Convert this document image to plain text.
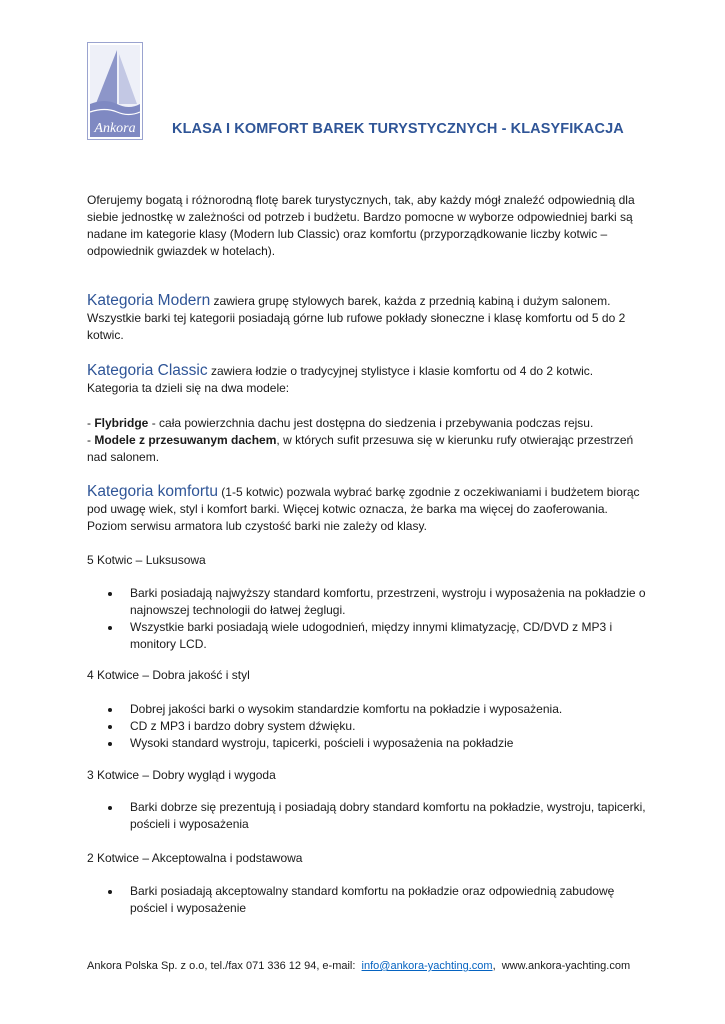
Ankora	KLASA I KOMFORT BAREK TURYSTYCZNYCH - KLASYFIKACJA

Oferujemy bogatą i różnorodną flotę barek turystycznych, tak, aby każdy mógł znaleźć odpowiednią dla siebie jednostkę w zależności od potrzeb i budżetu. Bardzo pomocne w wyborze odpowiedniej barki są nadane im kategorie klasy (Modern lub Classic) oraz komfortu (przyporządkowanie liczby kotwic – odpowiednik gwiazdek w hotelach).

Kategoria Modern zawiera grupę stylowych barek, każda z przednią kabiną i dużym salonem. Wszystkie barki tej kategorii posiadają górne lub rufowe pokłady słoneczne i klasę komfortu od 5 do 2 kotwic.

Kategoria Classic zawiera łodzie o tradycyjnej stylistyce i klasie komfortu od 4 do 2 kotwic. Kategoria ta dzieli się na dwa modele:

- Flybridge - cała powierzchnia dachu jest dostępna do siedzenia i przebywania podczas rejsu.

- Modele z przesuwanym dachem, w których sufit przesuwa się w kierunku rufy otwierając przestrzeń nad salonem.

Kategoria komfortu (1-5 kotwic) pozwala wybrać barkę zgodnie z oczekiwaniami i budżetem biorąc pod uwagę wiek, styl i komfort barki. Więcej kotwic oznacza, że barka ma więcej do zaoferowania. Poziom serwisu armatora lub czystość barki nie zależy od klasy.

5 Kotwic – Luksusowa
Barki posiadają najwyższy standard komfortu, przestrzeni, wystroju i wyposażenia na pokładzie o najnowszej technologii do łatwej żeglugi.
Wszystkie barki posiadają wiele udogodnień, między innymi klimatyzację, CD/DVD z MP3 i monitory LCD.
4 Kotwice – Dobra jakość i styl
Dobrej jakości barki o wysokim standardzie komfortu na pokładzie i wyposażenia.
CD z MP3 i bardzo dobry system dźwięku.
Wysoki standard wystroju, tapicerki, pościeli i wyposażenia na pokładzie
3 Kotwice – Dobry wygląd i wygoda
Barki dobrze się prezentują i posiadają dobry standard komfortu na pokładzie, wystroju, tapicerki, pościeli i wyposażenia
2 Kotwice – Akceptowalna i podstawowa
Barki posiadają akceptowalny standard komfortu na pokładzie oraz odpowiednią zabudowę pościel i wyposażenie
Ankora Polska Sp. z o.o, tel./fax 071 336 12 94, e-mail:  info@ankora-yachting.com,  www.ankora-yachting.com
